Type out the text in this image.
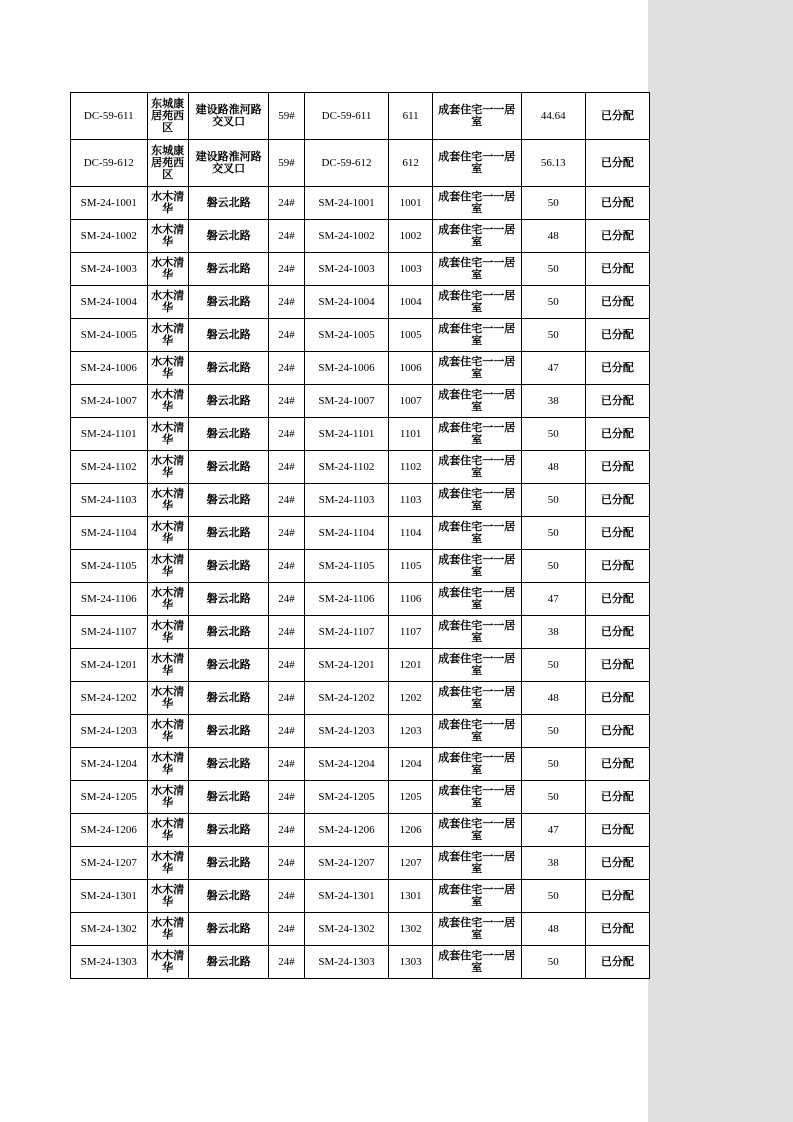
DC-59-611	东城康居苑西区	建设路淮河路交叉口	59#	DC-59-611	611	成套住宅一一居室	44.64	已分配
DC-59-612	东城康居苑西区	建设路淮河路交叉口	59#	DC-59-612	612	成套住宅一一居室	56.13	已分配
SM-24-1001	水木清华	磐云北路	24#	SM-24-1001	1001	成套住宅一一居室	50	已分配
SM-24-1002	水木清华	磐云北路	24#	SM-24-1002	1002	成套住宅一一居室	48	已分配
SM-24-1003	水木清华	磐云北路	24#	SM-24-1003	1003	成套住宅一一居室	50	已分配
SM-24-1004	水木清华	磐云北路	24#	SM-24-1004	1004	成套住宅一一居室	50	已分配
SM-24-1005	水木清华	磐云北路	24#	SM-24-1005	1005	成套住宅一一居室	50	已分配
SM-24-1006	水木清华	磐云北路	24#	SM-24-1006	1006	成套住宅一一居室	47	已分配
SM-24-1007	水木清华	磐云北路	24#	SM-24-1007	1007	成套住宅一一居室	38	已分配
SM-24-1101	水木清华	磐云北路	24#	SM-24-1101	1101	成套住宅一一居室	50	已分配
SM-24-1102	水木清华	磐云北路	24#	SM-24-1102	1102	成套住宅一一居室	48	已分配
SM-24-1103	水木清华	磐云北路	24#	SM-24-1103	1103	成套住宅一一居室	50	已分配
SM-24-1104	水木清华	磐云北路	24#	SM-24-1104	1104	成套住宅一一居室	50	已分配
SM-24-1105	水木清华	磐云北路	24#	SM-24-1105	1105	成套住宅一一居室	50	已分配
SM-24-1106	水木清华	磐云北路	24#	SM-24-1106	1106	成套住宅一一居室	47	已分配
SM-24-1107	水木清华	磐云北路	24#	SM-24-1107	1107	成套住宅一一居室	38	已分配
SM-24-1201	水木清华	磐云北路	24#	SM-24-1201	1201	成套住宅一一居室	50	已分配
SM-24-1202	水木清华	磐云北路	24#	SM-24-1202	1202	成套住宅一一居室	48	已分配
SM-24-1203	水木清华	磐云北路	24#	SM-24-1203	1203	成套住宅一一居室	50	已分配
SM-24-1204	水木清华	磐云北路	24#	SM-24-1204	1204	成套住宅一一居室	50	已分配
SM-24-1205	水木清华	磐云北路	24#	SM-24-1205	1205	成套住宅一一居室	50	已分配
SM-24-1206	水木清华	磐云北路	24#	SM-24-1206	1206	成套住宅一一居室	47	已分配
SM-24-1207	水木清华	磐云北路	24#	SM-24-1207	1207	成套住宅一一居室	38	已分配
SM-24-1301	水木清华	磐云北路	24#	SM-24-1301	1301	成套住宅一一居室	50	已分配
SM-24-1302	水木清华	磐云北路	24#	SM-24-1302	1302	成套住宅一一居室	48	已分配
SM-24-1303	水木清华	磐云北路	24#	SM-24-1303	1303	成套住宅一一居室	50	已分配
